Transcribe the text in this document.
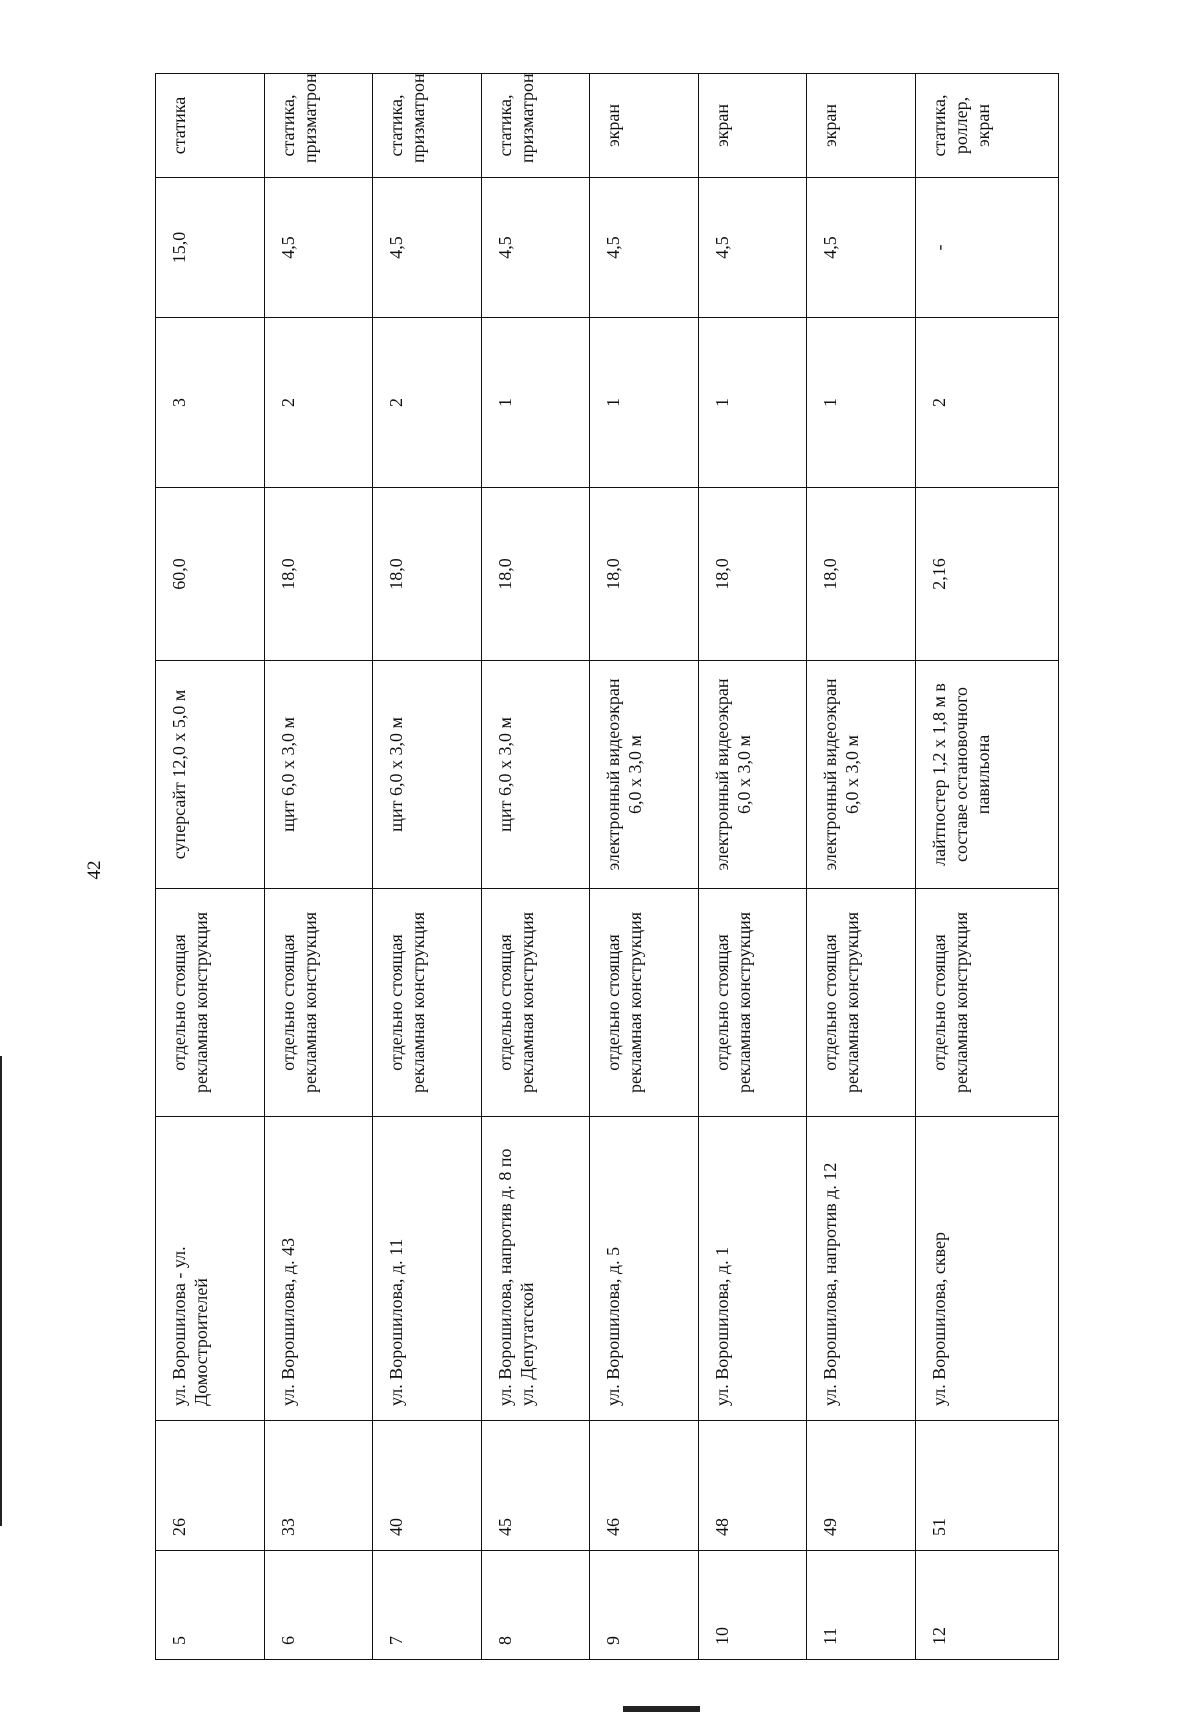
42
5	26	ул. Ворошилова - ул. Домостроителей	отдельно стоящая рекламная конструкция	суперсайт 12,0 х 5,0 м	60,0	3	15,0	статика
6	33	ул. Ворошилова, д. 43	отдельно стоящая рекламная конструкция	щит 6,0 х 3,0 м	18,0	2	4,5	статика, призматрон
7	40	ул. Ворошилова, д. 11	отдельно стоящая рекламная конструкция	щит 6,0 х 3,0 м	18,0	2	4,5	статика, призматрон
8	45	ул. Ворошилова, напротив д. 8 по ул. Депутатской	отдельно стоящая рекламная конструкция	щит 6,0 х 3,0 м	18,0	1	4,5	статика, призматрон
9	46	ул. Ворошилова, д. 5	отдельно стоящая рекламная конструкция	электронный видеоэкран 6,0 х 3,0 м	18,0	1	4,5	экран
10	48	ул. Ворошилова, д. 1	отдельно стоящая рекламная конструкция	электронный видеоэкран 6,0 х 3,0 м	18,0	1	4,5	экран
11	49	ул. Ворошилова, напротив д. 12	отдельно стоящая рекламная конструкция	электронный видеоэкран 6,0 х 3,0 м	18,0	1	4,5	экран
12	51	ул. Ворошилова, сквер	отдельно стоящая рекламная конструкция	лайтпостер 1,2 х 1,8 м в составе остановочного павильона	2,16	2	-	статика, роллер, экран
